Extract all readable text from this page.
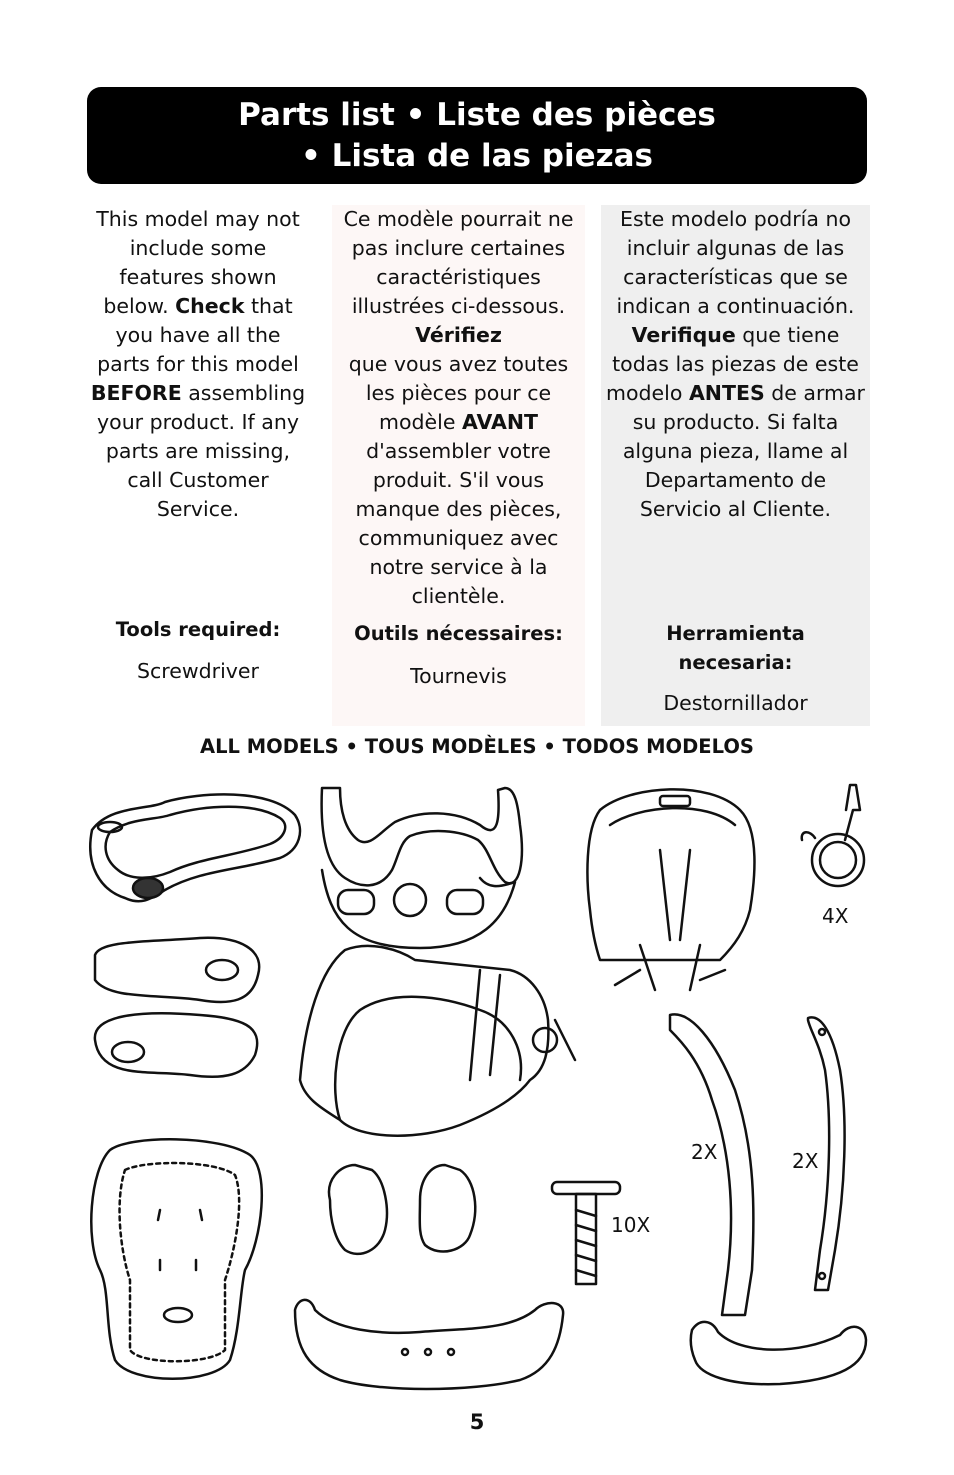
Parts list • Liste des pièces
• Lista de las piezas

This model may not include some features shown below. Check that you have all the parts for this model BEFORE assembling your product. If any parts are missing, call Customer Service.

Tools required:
Screwdriver

Ce modèle pourrait ne pas inclure certaines caractéristiques illustrées ci-dessous.
Vérifiez
que vous avez toutes les pièces pour ce modèle AVANT d'assembler votre produit. S'il vous manque des pièces, communiquez avec notre service à la clientèle.

Outils nécessaires:
Tournevis

Este modelo podría no incluir algunas de las características que se indican a continuación.
Verifique que tiene todas las piezas de este modelo ANTES de armar su producto. Si falta alguna pieza, llame al Departamento de Servicio al Cliente.

Herramienta necesaria:
Destornillador
ALL MODELS • TOUS MODÈLES • TODOS MODELOS
4X
2X	2X
10X
5
